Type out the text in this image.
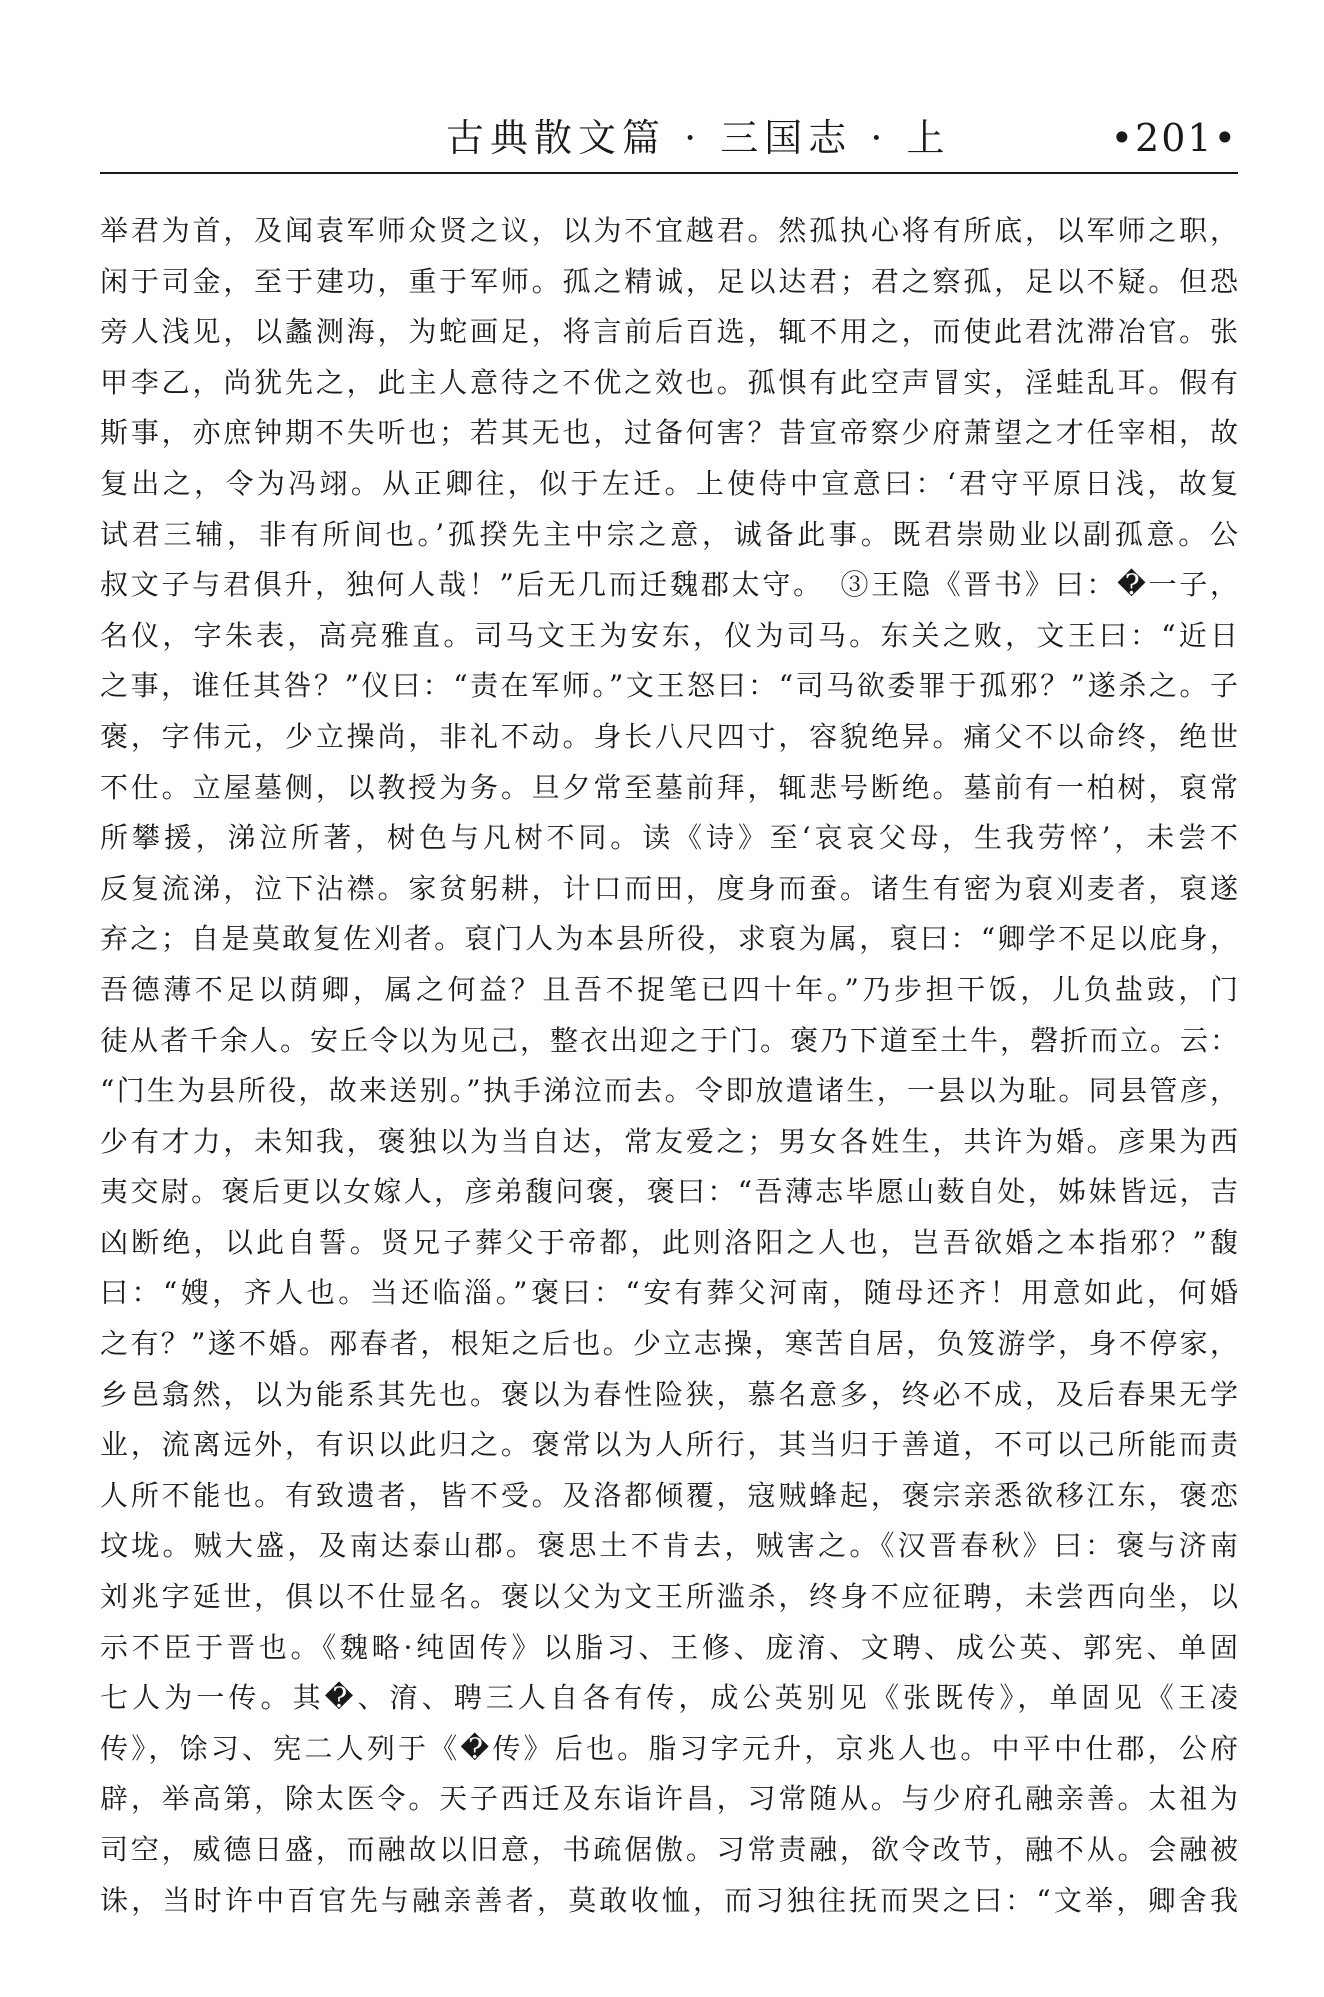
古典散文篇 · 三国志 · 上	•201•
举君为首，及闻袁军师众贤之议，以为不宜越君。然孤执心将有所底，以军师之职，
闲于司金，至于建功，重于军师。孤之精诚，足以达君；君之察孤，足以不疑。但恐
旁人浅见，以蠡测海，为蛇画足，将言前后百选，辄不用之，而使此君沈滞冶官。张
甲李乙，尚犹先之，此主人意待之不优之效也。孤惧有此空声冒实，淫蛙乱耳。假有
斯事，亦庶钟期不失听也；若其无也，过备何害？昔宣帝察少府萧望之才任宰相，故
复出之，令为冯翊。从正卿往，似于左迁。上使侍中宣意曰：‘君守平原日浅，故复
试君三辅，非有所间也。’孤揆先主中宗之意，诚备此事。既君崇勋业以副孤意。公
叔文子与君俱升，独何人哉！”后无几而迁魏郡太守。　③王隐《晋书》曰：�一子，
名仪，字朱表，高亮雅直。司马文王为安东，仪为司马。东关之败，文王曰：“近日
之事，谁任其咎？”仪曰：“责在军师。”文王怒曰：“司马欲委罪于孤邪？”遂杀之。子
褒，字伟元，少立操尚，非礼不动。身长八尺四寸，容貌绝异。痛父不以命终，绝世
不仕。立屋墓侧，以教授为务。旦夕常至墓前拜，辄悲号断绝。墓前有一柏树，裒常
所攀援，涕泣所著，树色与凡树不同。读《诗》至‘哀哀父母，生我劳悴’，未尝不
反复流涕，泣下沾襟。家贫躬耕，计口而田，度身而蚕。诸生有密为裒刈麦者，裒遂
弃之；自是莫敢复佐刈者。裒门人为本县所役，求裒为属，裒曰：“卿学不足以庇身，
吾德薄不足以荫卿，属之何益？且吾不捉笔已四十年。”乃步担干饭，儿负盐豉，门
徒从者千余人。安丘令以为见己，整衣出迎之于门。褒乃下道至土牛，磬折而立。云：
“门生为县所役，故来送别。”执手涕泣而去。令即放遣诸生，一县以为耻。同县管彦，
少有才力，未知我，褒独以为当自达，常友爱之；男女各姓生，共许为婚。彦果为西
夷交尉。褒后更以女嫁人，彦弟馥问褒，褒曰：“吾薄志毕愿山薮自处，姊妹皆远，吉
凶断绝，以此自誓。贤兄子葬父于帝都，此则洛阳之人也，岂吾欲婚之本指邪？”馥
曰：“嫂，齐人也。当还临淄。”褒曰：“安有葬父河南，随母还齐！用意如此，何婚
之有？”遂不婚。邴春者，根矩之后也。少立志操，寒苦自居，负笈游学，身不停家，
乡邑翕然，以为能系其先也。褒以为春性险狭，慕名意多，终必不成，及后春果无学
业，流离远外，有识以此归之。褒常以为人所行，其当归于善道，不可以己所能而责
人所不能也。有致遗者，皆不受。及洛都倾覆，寇贼蜂起，褒宗亲悉欲移江东，褒恋
坟垅。贼大盛，及南达泰山郡。褒思土不肯去，贼害之。《汉晋春秋》曰：褒与济南
刘兆字延世，俱以不仕显名。褒以父为文王所滥杀，终身不应征聘，未尝西向坐，以
示不臣于晋也。《魏略·纯固传》以脂习、王修、庞淯、文聘、成公英、郭宪、单固
七人为一传。其�、淯、聘三人自各有传，成公英别见《张既传》，单固见《王凌
传》，馀习、宪二人列于《�传》后也。脂习字元升，京兆人也。中平中仕郡，公府
辟，举高第，除太医令。天子西迁及东诣许昌，习常随从。与少府孔融亲善。太祖为
司空，威德日盛，而融故以旧意，书疏倨傲。习常责融，欲令改节，融不从。会融被
诛，当时许中百官先与融亲善者，莫敢收恤，而习独往抚而哭之曰：“文举，卿舍我
